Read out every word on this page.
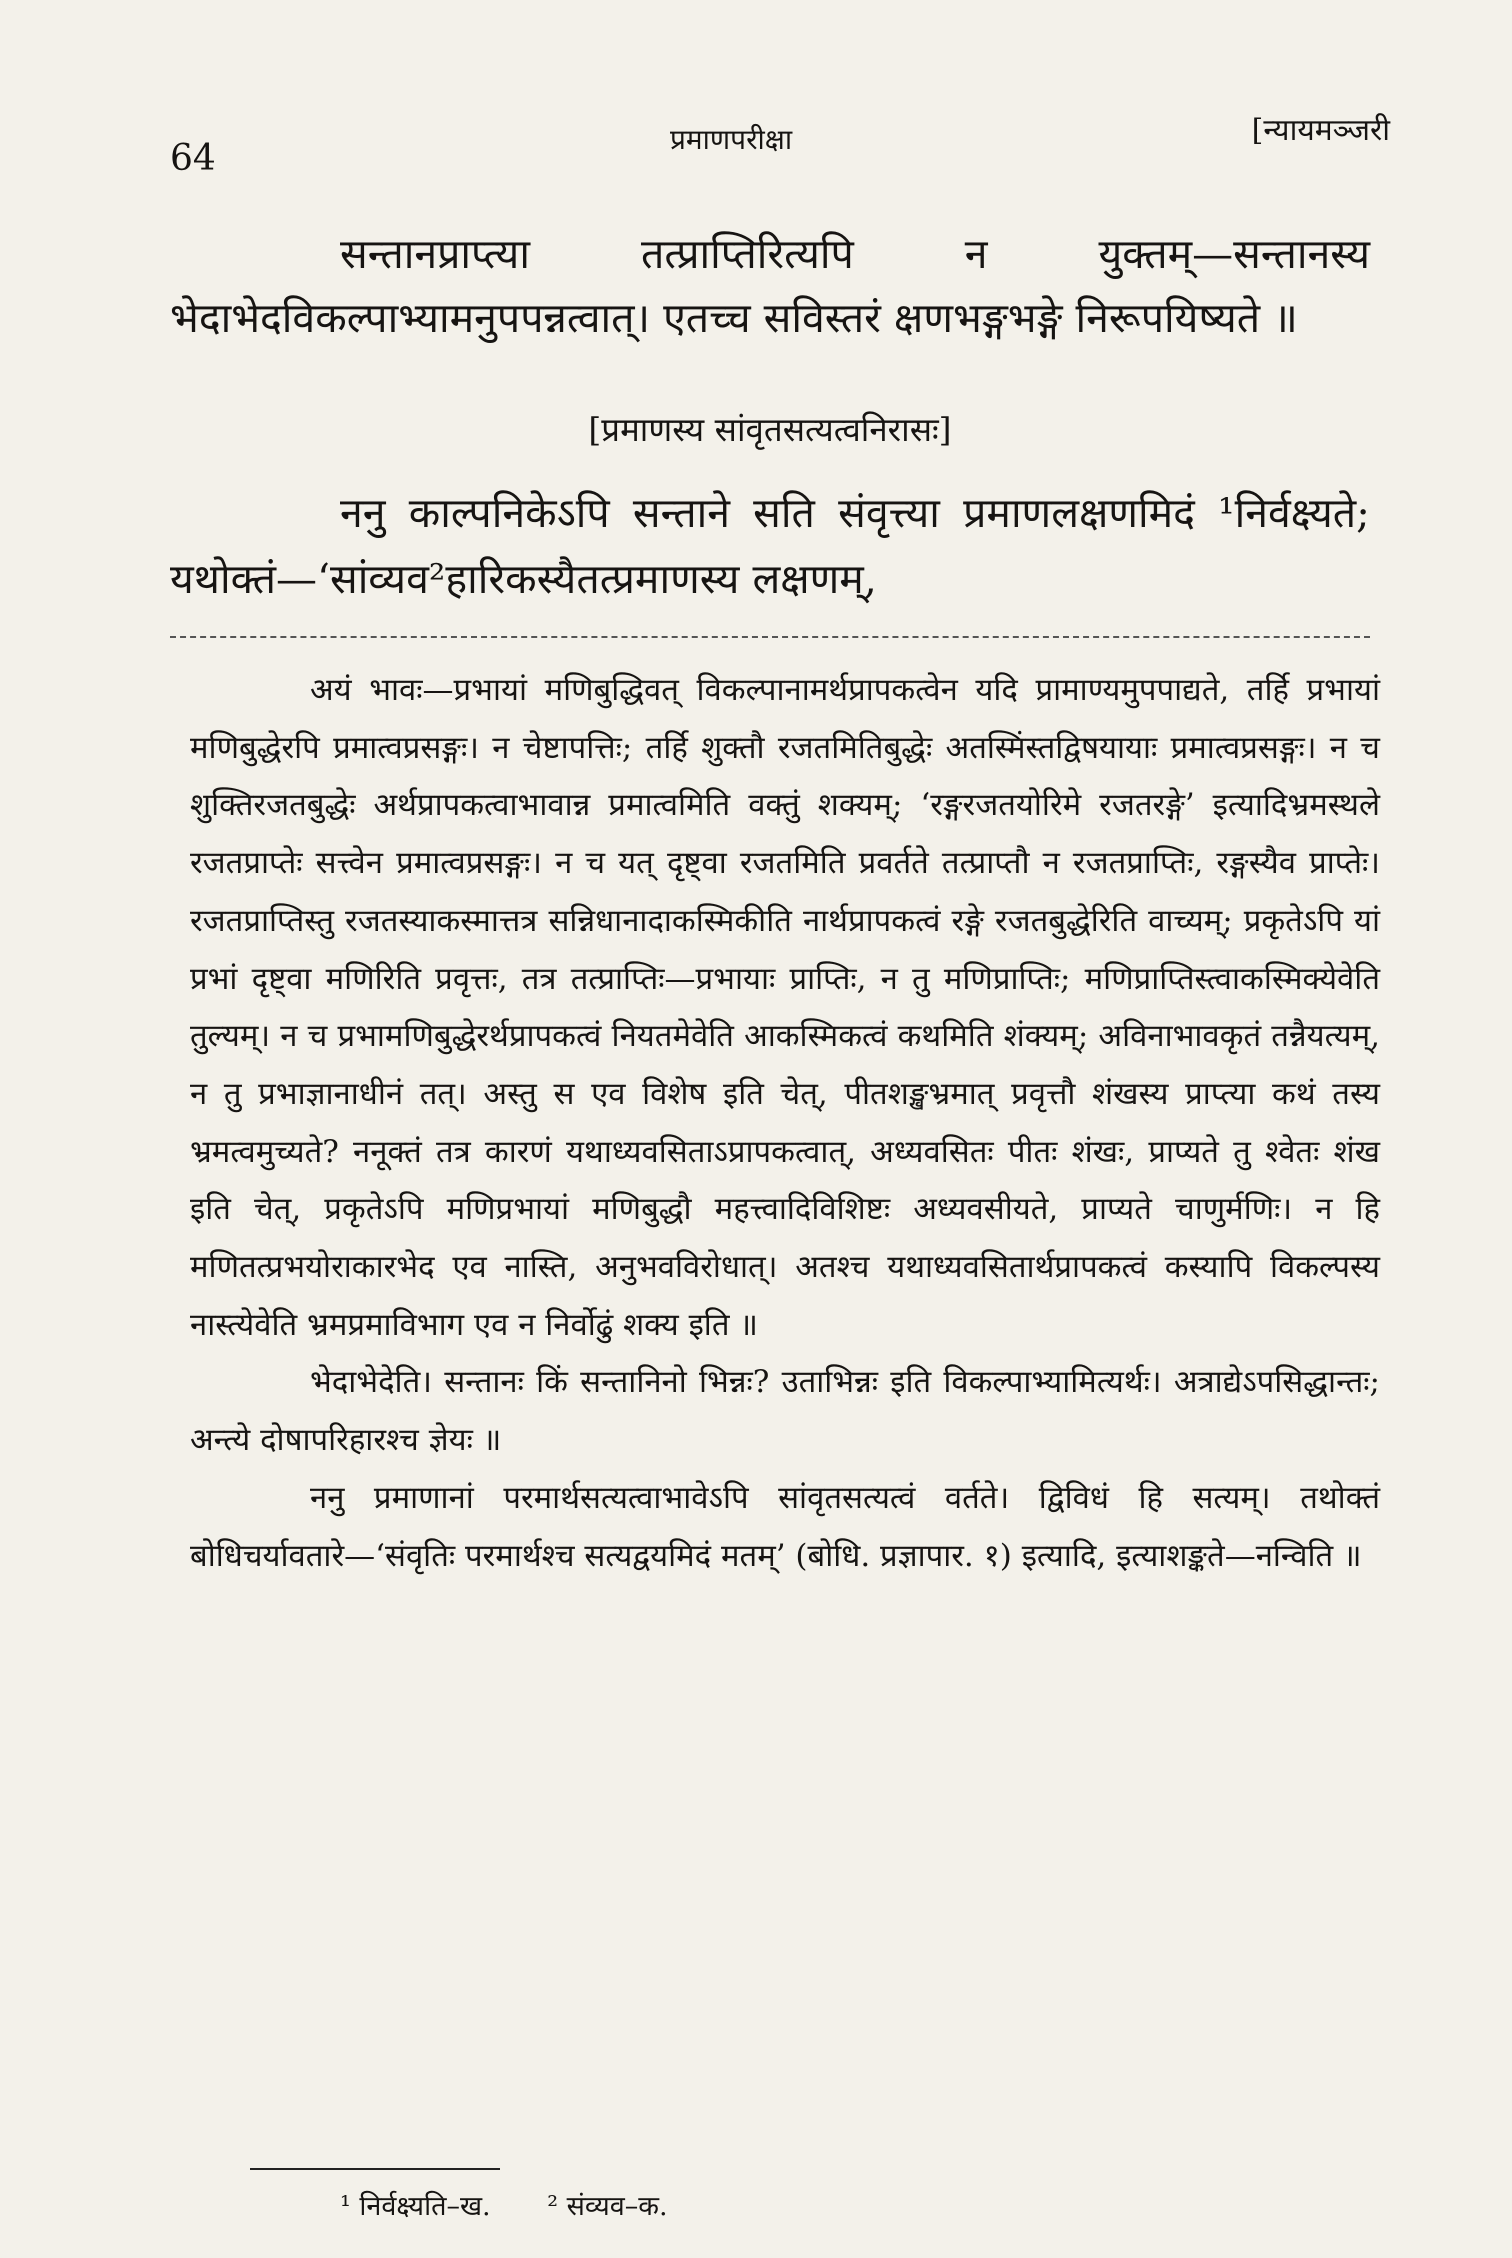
64	प्रमाणपरीक्षा	[न्यायमञ्जरी

सन्तानप्राप्त्या तत्प्राप्तिरित्यपि न युक्तम्—सन्तानस्य भेदाभेदविकल्पाभ्यामनुपपन्नत्वात्। एतच्च सविस्तरं क्षणभङ्गभङ्गे निरूपयिष्यते ॥

[प्रमाणस्य सांवृतसत्यत्वनिरासः]

ननु काल्पनिकेऽपि सन्ताने सति संवृत्त्या प्रमाणलक्षणमिदं ¹निर्वक्ष्यते; यथोक्तं—‘सांव्यव²हारिकस्यैतत्प्रमाणस्य लक्षणम्,

अयं भावः—प्रभायां मणिबुद्धिवत् विकल्पानामर्थप्रापकत्वेन यदि प्रामाण्यमुपपाद्यते, तर्हि प्रभायां मणिबुद्धेरपि प्रमात्वप्रसङ्गः। न चेष्टापत्तिः; तर्हि शुक्तौ रजतमितिबुद्धेः अतस्मिंस्तद्विषयायाः प्रमात्वप्रसङ्गः। न च शुक्तिरजतबुद्धेः अर्थप्रापकत्वाभावान्न प्रमात्वमिति वक्तुं शक्यम्; ‘रङ्गरजतयोरिमे रजतरङ्गे’ इत्यादिभ्रमस्थले रजतप्राप्तेः सत्त्वेन प्रमात्वप्रसङ्गः। न च यत् दृष्ट्वा रजतमिति प्रवर्तते तत्प्राप्तौ न रजतप्राप्तिः, रङ्गस्यैव प्राप्तेः। रजतप्राप्तिस्तु रजतस्याकस्मात्तत्र सन्निधानादाकस्मिकीति नार्थप्रापकत्वं रङ्गे रजतबुद्धेरिति वाच्यम्; प्रकृतेऽपि यां प्रभां दृष्ट्वा मणिरिति प्रवृत्तः, तत्र तत्प्राप्तिः—प्रभायाः प्राप्तिः, न तु मणिप्राप्तिः; मणिप्राप्तिस्त्वाकस्मिक्येवेति तुल्यम्। न च प्रभामणिबुद्धेरर्थप्रापकत्वं नियतमेवेति आकस्मिकत्वं कथमिति शंक्यम्; अविनाभावकृतं तन्नैयत्यम्, न तु प्रभाज्ञानाधीनं तत्। अस्तु स एव विशेष इति चेत्, पीतशङ्खभ्रमात् प्रवृत्तौ शंखस्य प्राप्त्या कथं तस्य भ्रमत्वमुच्यते? ननूक्तं तत्र कारणं यथाध्यवसिताऽप्रापकत्वात्, अध्यवसितः पीतः शंखः, प्राप्यते तु श्वेतः शंख इति चेत्, प्रकृतेऽपि मणिप्रभायां मणिबुद्धौ महत्त्वादिविशिष्टः अध्यवसीयते, प्राप्यते चाणुर्मणिः। न हि मणितत्प्रभयोराकारभेद एव नास्ति, अनुभवविरोधात्। अतश्च यथाध्यवसितार्थप्रापकत्वं कस्यापि विकल्पस्य नास्त्येवेति भ्रमप्रमाविभाग एव न निर्वोढुं शक्य इति ॥

भेदाभेदेति। सन्तानः किं सन्तानिनो भिन्नः? उताभिन्नः इति विकल्पाभ्यामित्यर्थः। अत्राद्येऽपसिद्धान्तः; अन्त्ये दोषापरिहारश्च ज्ञेयः ॥

ननु प्रमाणानां परमार्थसत्यत्वाभावेऽपि सांवृतसत्यत्वं वर्तते। द्विविधं हि सत्यम्। तथोक्तं बोधिचर्यावतारे—‘संवृतिः परमार्थश्च सत्यद्वयमिदं मतम्’ (बोधि. प्रज्ञापार. १) इत्यादि, इत्याशङ्कते—नन्विति ॥

¹ निर्वक्ष्यति–ख. ² संव्यव–क.
